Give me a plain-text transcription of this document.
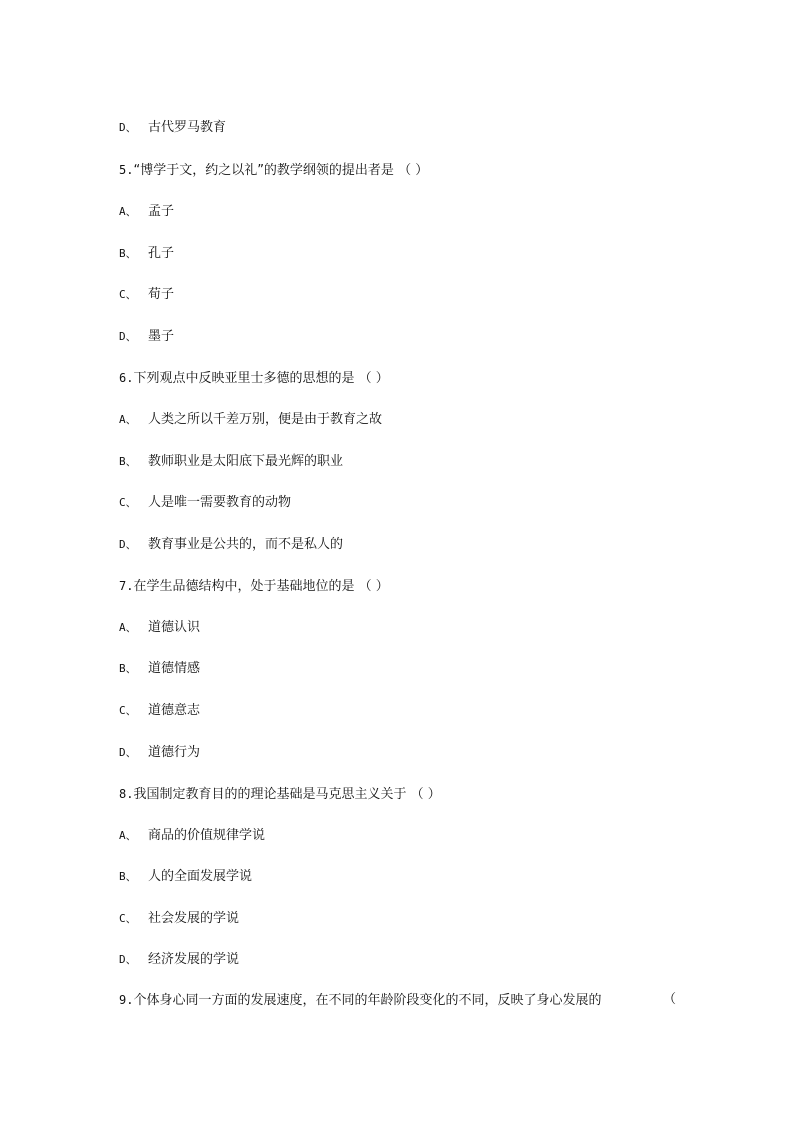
D、 古代罗马教育
5.“博学于文，约之以礼”的教学纲领的提出者是 （ ）
A、 孟子
B、 孔子
C、 荀子
D、 墨子
6.下列观点中反映亚里士多德的思想的是 （ ）
A、 人类之所以千差万别，便是由于教育之故
B、 教师职业是太阳底下最光辉的职业
C、 人是唯一需要教育的动物
D、 教育事业是公共的，而不是私人的
7.在学生品德结构中，处于基础地位的是 （ ）
A、 道德认识
B、 道德情感
C、 道德意志
D、 道德行为
8.我国制定教育目的的理论基础是马克思主义关于 （ ）
A、 商品的价值规律学说
B、 人的全面发展学说
C、 社会发展的学说
D、 经济发展的学说
9.个体身心同一方面的发展速度，在不同的年龄阶段变化的不同，反映了身心发展的	（
